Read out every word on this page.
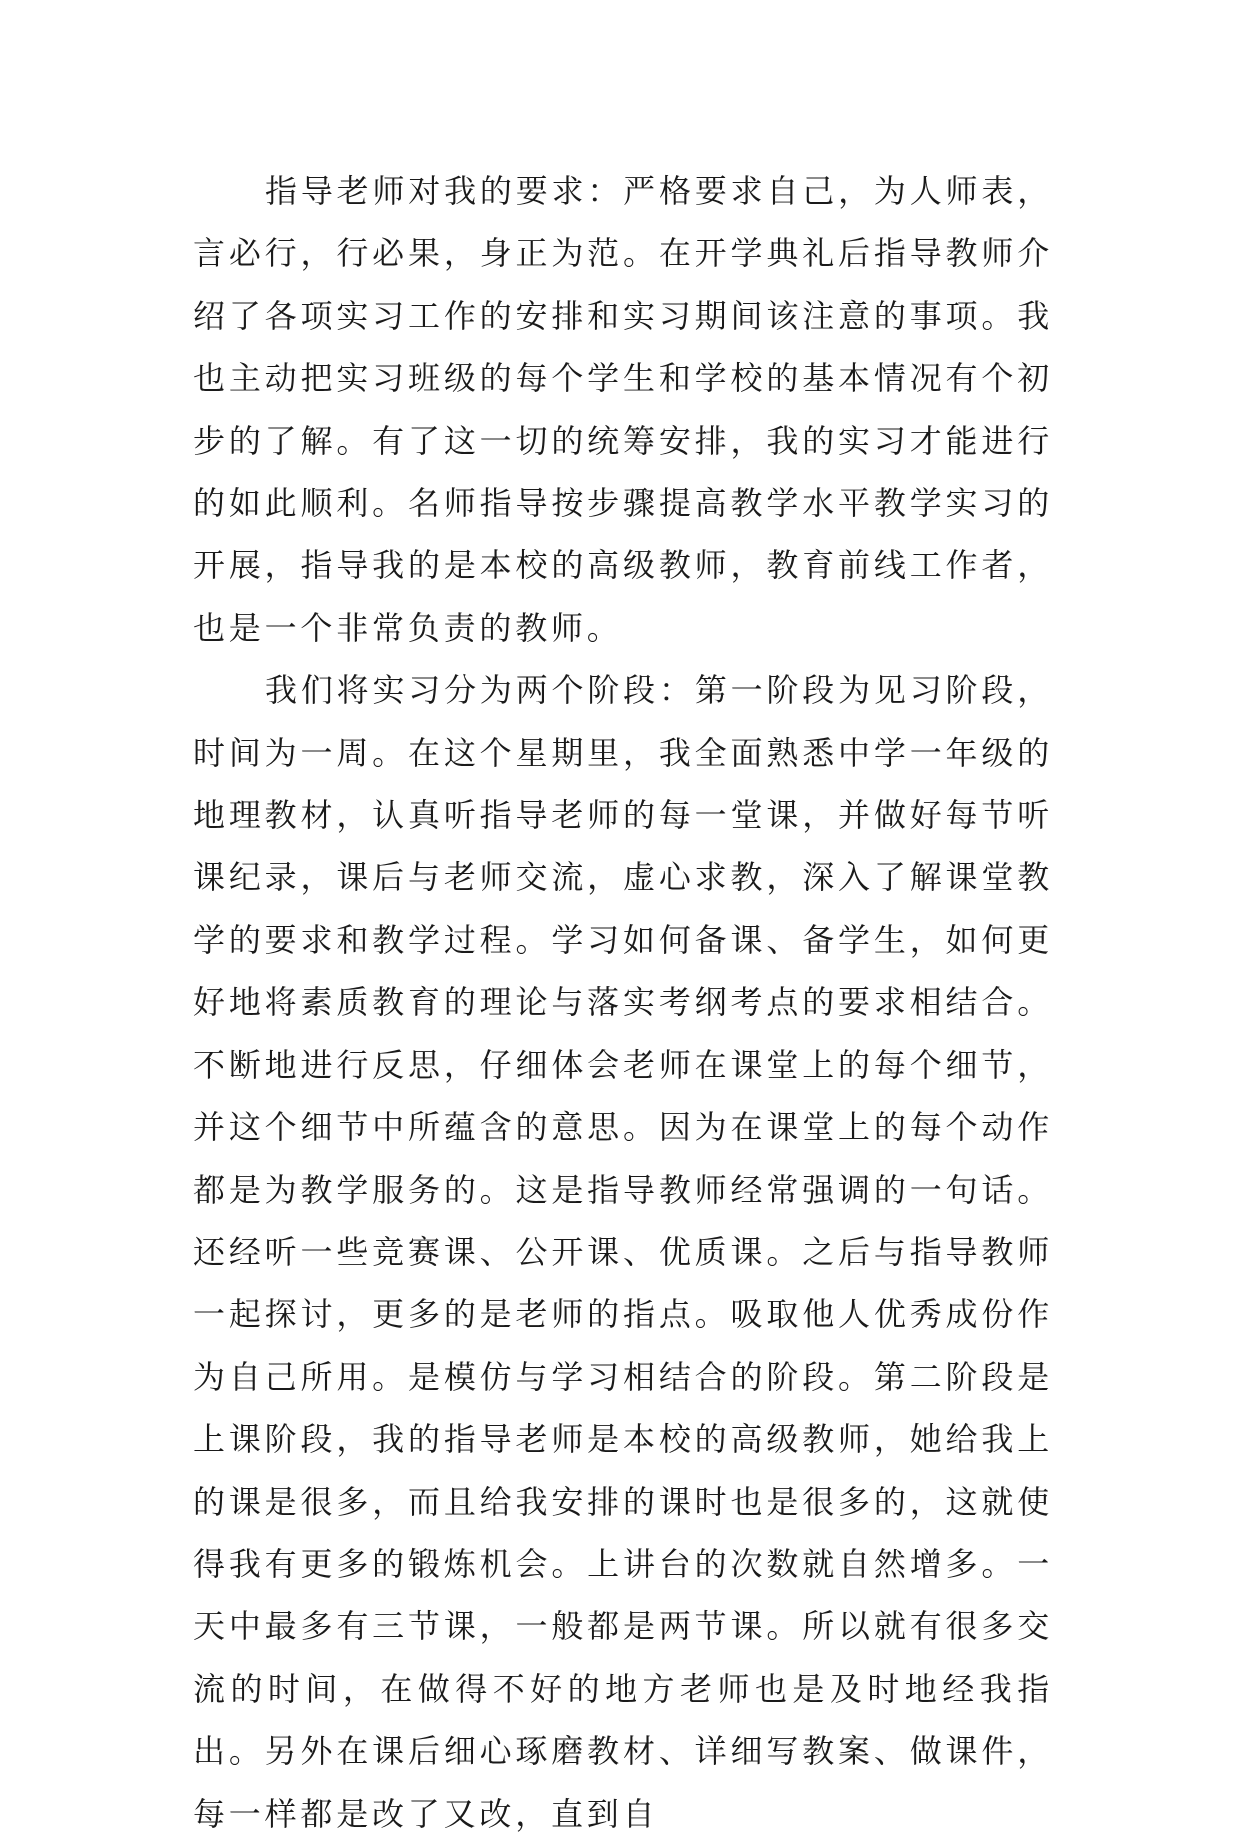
指导老师对我的要求：严格要求自己，为人师表，言必行，行必果，身正为范。在开学典礼后指导教师介绍了各项实习工作的安排和实习期间该注意的事项。我也主动把实习班级的每个学生和学校的基本情况有个初步的了解。有了这一切的统筹安排，我的实习才能进行的如此顺利。名师指导按步骤提高教学水平教学实习的开展，指导我的是本校的高级教师，教育前线工作者，也是一个非常负责的教师。

我们将实习分为两个阶段：第一阶段为见习阶段，时间为一周。在这个星期里，我全面熟悉中学一年级的地理教材，认真听指导老师的每一堂课，并做好每节听课纪录，课后与老师交流，虚心求教，深入了解课堂教学的要求和教学过程。学习如何备课、备学生，如何更好地将素质教育的理论与落实考纲考点的要求相结合。不断地进行反思，仔细体会老师在课堂上的每个细节，并这个细节中所蕴含的意思。因为在课堂上的每个动作都是为教学服务的。这是指导教师经常强调的一句话。还经听一些竞赛课、公开课、优质课。之后与指导教师一起探讨，更多的是老师的指点。吸取他人优秀成份作为自己所用。是模仿与学习相结合的阶段。第二阶段是上课阶段，我的指导老师是本校的高级教师，她给我上的课是很多，而且给我安排的课时也是很多的，这就使得我有更多的锻炼机会。上讲台的次数就自然增多。一天中最多有三节课，一般都是两节课。所以就有很多交流的时间，在做得不好的地方老师也是及时地经我指出。另外在课后细心琢磨教材、详细写教案、做课件，每一样都是改了又改，直到自
